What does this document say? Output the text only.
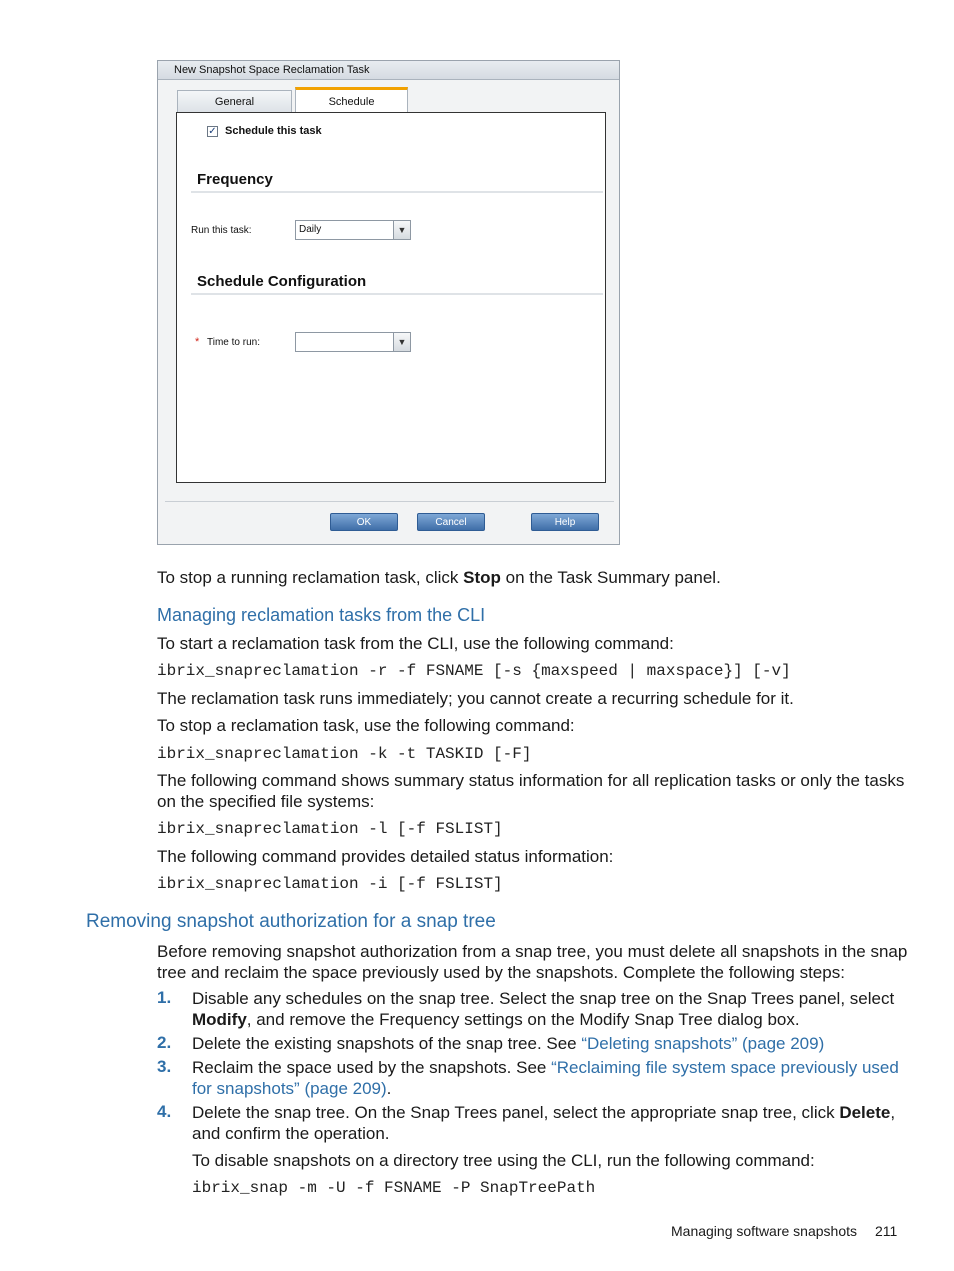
New Snapshot Space Reclamation Task
General	Schedule
✓ Schedule this task
Frequency
Run this task:	Daily	▼
Schedule Configuration
* Time to run:	▼
OK	Cancel	Help
To stop a running reclamation task, click Stop on the Task Summary panel.
Managing reclamation tasks from the CLI
To start a reclamation task from the CLI, use the following command:
ibrix_snapreclamation -r -f FSNAME [-s {maxspeed | maxspace}] [-v]
The reclamation task runs immediately; you cannot create a recurring schedule for it.
To stop a reclamation task, use the following command:
ibrix_snapreclamation -k -t TASKID [-F]
The following command shows summary status information for all replication tasks or only the tasks
on the specified file systems:
ibrix_snapreclamation -l [-f FSLIST]
The following command provides detailed status information:
ibrix_snapreclamation -i [-f FSLIST]
Removing snapshot authorization for a snap tree
Before removing snapshot authorization from a snap tree, you must delete all snapshots in the snap
tree and reclaim the space previously used by the snapshots. Complete the following steps:
1. Disable any schedules on the snap tree. Select the snap tree on the Snap Trees panel, select
Modify, and remove the Frequency settings on the Modify Snap Tree dialog box.
2. Delete the existing snapshots of the snap tree. See “Deleting snapshots” (page 209)
3. Reclaim the space used by the snapshots. See “Reclaiming file system space previously used
for snapshots” (page 209).
4. Delete the snap tree. On the Snap Trees panel, select the appropriate snap tree, click Delete,
and confirm the operation.
To disable snapshots on a directory tree using the CLI, run the following command:
ibrix_snap -m -U -f FSNAME -P SnapTreePath
Managing software snapshots 211
